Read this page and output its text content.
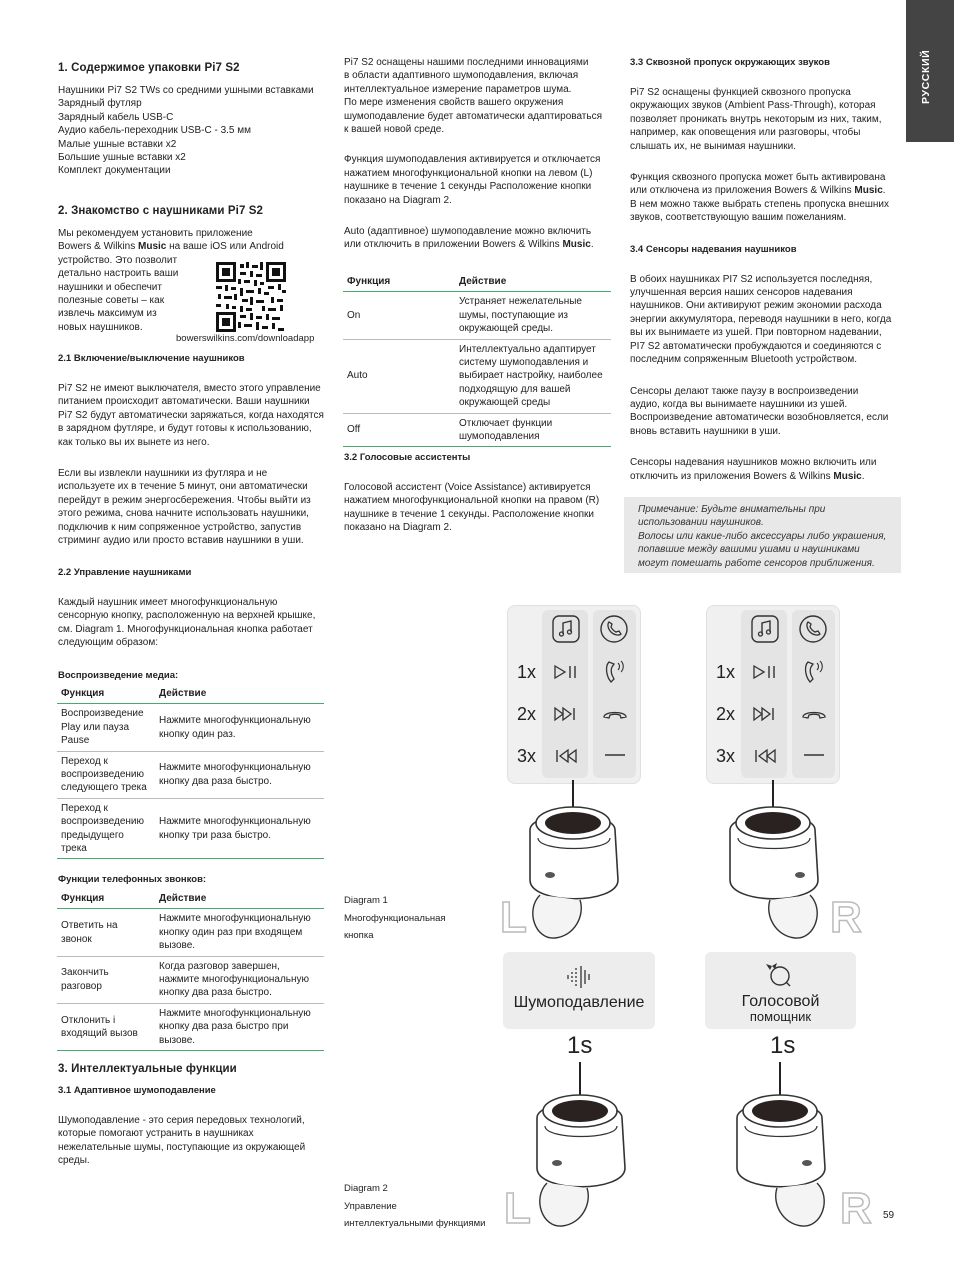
РУССКИЙ
1. Содержимое упаковки Pi7 S2

Наушники Pi7 S2 TWs со средними ушными вставками

Зарядный футляр

Зарядный кабель USB-C

Аудио кабель-переходник USB-C - 3.5 мм

Малые ушные вставки x2

Большие ушные вставки x2

Комплект документации

2. Знакомство с наушниками Pi7 S2

Мы рекомендуем установить приложение

Bowers & Wilkins Music на ваше iOS или Android

устройство. Это позволит

детально настроить ваши

наушники и обеспечит

полезные советы – как

извлечь максимум из

новых наушников.

bowerswilkins.com/downloadapp
2.1 Включение/выключение наушников

Pi7 S2 не имеют выключателя, вместо этого управление

питанием происходит автоматически. Ваши наушники

Pi7 S2 будут автоматически заряжаться, когда находятся

в зарядном футляре, и будут готовы к использованию,

как только вы их вынете из него.

Если вы извлекли наушники из футляра и не

используете их в течение 5 минут, они автоматически

перейдут в режим энергосбережения. Чтобы выйти из

этого режима, снова начните использовать наушники,

подключив к ним сопряженное устройство, запустив

стриминг аудио или просто вставив наушники в уши.

2.2 Управление наушниками

Каждый наушник имеет многофункциональную

сенсорную кнопку, расположенную на верхней крышке,

см. Diagram 1. Многофункциональная кнопка работает

следующим образом:

Воспроизведение медиа:
Функция	Действие
Воспроизведение Play или пауза Pause	Нажмите многофункциональную кнопку один раз.
Переход к воспроизведению следующего трека	Нажмите многофункциональную кнопку два раза быстро.
Переход к воспроизведению предыдущего трека	Нажмите многофункциональную кнопку три раза быстро.
Функции телефонных звонков:
Функция	Действие
Ответить на звонок	Нажмите многофункциональную кнопку один раз при входящем вызове.
Закончить разговор	Когда разговор завершен, нажмите многофункциональную кнопку два раза быстро.
Отклонить і входящий вызов	Нажмите многофункциональную кнопку два раза быстро при вызове.
3. Интеллектуальные функции
3.1 Адаптивное шумоподавление

Шумоподавление - это серия передовых технологий,

которые помогают устранить в наушниках

нежелательные шумы, поступающие из окружающей

среды.

Pi7 S2 оснащены нашими последними инновациями

в области адаптивного шумоподавления, включая

интеллектуальное измерение параметров шума.

По мере изменения свойств вашего окружения

шумоподавление будет автоматически адаптироваться

к вашей новой среде.

Функция шумоподавления активируется и отключается

нажатием многофункциональной кнопки на левом (L)

наушнике в течение 1 секунды Расположение кнопки

показано на Diagram 2.

Auto (адаптивное) шумоподавление можно включить

или отключить в приложении Bowers & Wilkins Music.

Функция	Действие
On	Устраняет нежелательные шумы, поступающие из окружающей среды.
Auto	Интеллектуально адаптирует систему шумоподавления и выбирает настройку, наиболее подходящую для вашей окружающей среды
Off	Отключает функции шумоподавления
3.2 Голосовые ассистенты

Голосовой ассистент (Voice Assistance) активируется

нажатием многофункциональной кнопки на правом (R)

наушнике в течение 1 секунды. Расположение кнопки

показано на Diagram 2.

Diagram 1

Многофункциональная

кнопка

Diagram 2

Управление

интеллектуальными функциями

3.3 Сквозной пропуск окружающих звуков

Pi7 S2 оснащены функцией сквозного пропуска

окружающих звуков (Ambient Pass-Through), которая

позволяет проникать внутрь некоторым из них, таким,

например, как оповещения или разговоры, чтобы

слышать их, не вынимая наушники.

Функция сквозного пропуска может быть активирована

или отключена из приложения Bowers & Wilkins Music.

В нем можно также выбрать степень пропуска внешних

звуков, соответствующую вашим пожеланиям.

3.4 Сенсоры надевания наушников

В обоих наушниках PI7 S2 используется последняя,

улучшенная версия наших сенсоров надевания

наушников. Они активируют режим экономии расхода

энергии аккумулятора, переводя наушники в него, когда

вы их вынимаете из ушей. При повторном надевании,

PI7 S2 автоматически пробуждаются и соединяются с

последним сопряженным Bluetooth устройством.

Сенсоры делают также паузу в воспроизведении

аудио, когда вы вынимаете наушники из ушей.

Воспроизведение автоматически возобновляется, если

вновь вставить наушники в уши.

Сенсоры надевания наушников можно включить или

отключить из приложения Bowers & Wilkins Music.

Примечание: Будьте внимательны при
использовании наушников.
Волосы или какие-либо аксессуары либо украшения,
попавшие между вашими ушами и наушниками
могут помешать работе сенсоров приближения.
1x
2x
3x
1x
2x
3x
L	R
Шумоподавление	Голосовой
помощник
1s	1s
L	R 59
